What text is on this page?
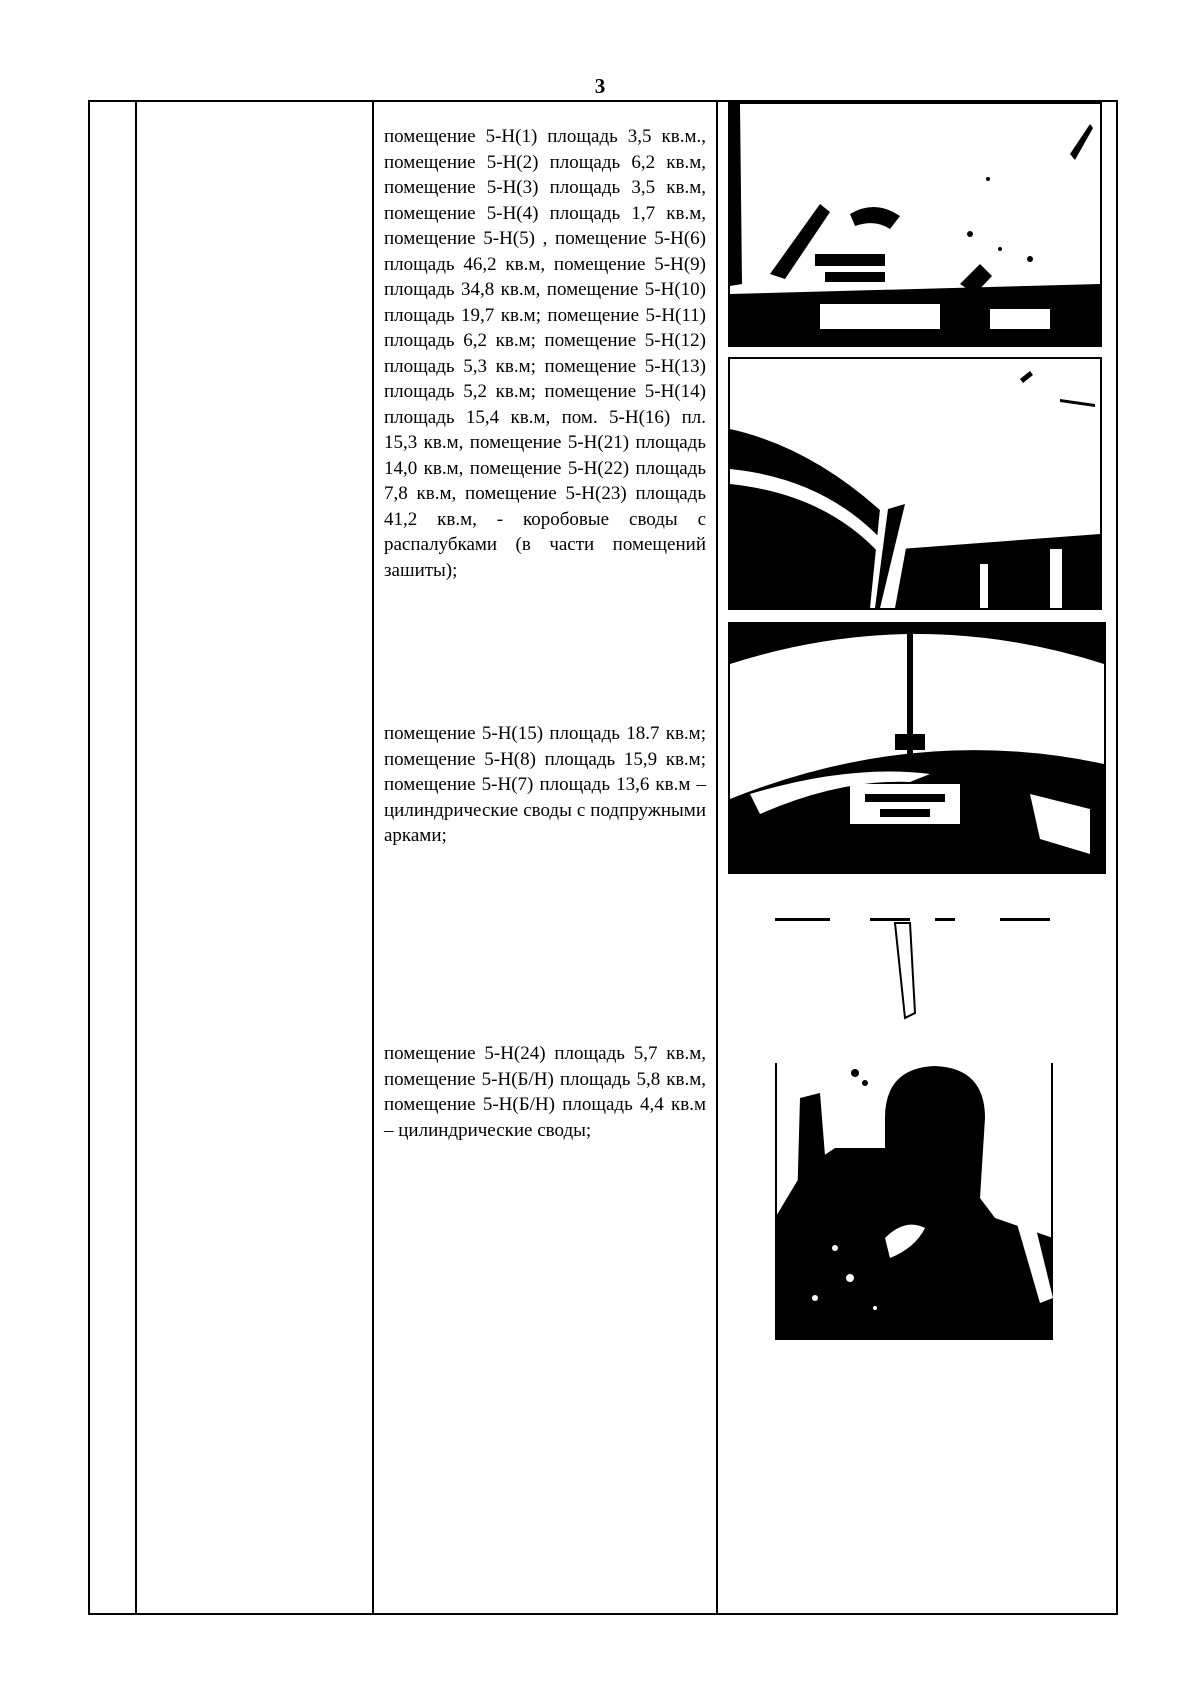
3
помещение 5-Н(1) площадь 3,5 кв.м., помещение 5-Н(2) площадь 6,2 кв.м, помещение 5-Н(3) площадь 3,5 кв.м, помещение 5-Н(4) площадь 1,7 кв.м, помещение 5-Н(5) , помещение 5-Н(6) площадь 46,2 кв.м, помещение 5-Н(9) площадь 34,8 кв.м, помещение 5-Н(10) площадь 19,7 кв.м; помещение 5-Н(11) площадь 6,2 кв.м; помещение 5-Н(12) площадь 5,3 кв.м; помещение 5-Н(13) площадь 5,2 кв.м; помещение 5-Н(14) площадь 15,4 кв.м, пом. 5-Н(16) пл. 15,3 кв.м, помещение 5-Н(21) площадь 14,0 кв.м, помещение 5-Н(22) площадь 7,8 кв.м, помещение 5-Н(23) площадь 41,2 кв.м, - коробовые своды с распалубками (в части помещений зашиты);
помещение 5-Н(15) площадь 18.7 кв.м; помещение 5-Н(8) площадь 15,9 кв.м; помещение 5-Н(7) площадь 13,6 кв.м – цилиндрические своды с подпружными арками;
помещение 5-Н(24) площадь 5,7 кв.м, помещение 5-Н(Б/Н) площадь 5,8 кв.м, помещение 5-Н(Б/Н) площадь 4,4 кв.м – цилиндрические своды;
